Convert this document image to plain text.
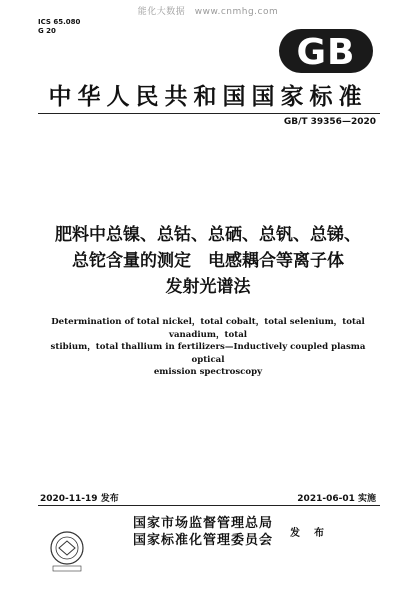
能化大数据　www.cnmhg.com
ICS 65.080
G 20
GB
中华人民共和国国家标准
GB/T 39356—2020
肥料中总镍、总钴、总硒、总钒、总锑、
总铊含量的测定　电感耦合等离子体
发射光谱法
Determination of total nickel，total cobalt，total selenium，total vanadium，total
stibium，total thallium in fertilizers—Inductively coupled plasma optical
emission spectroscopy
2020-11-19 发布	2021-06-01 实施
国家市场监督管理总局
国家标准化管理委员会 发　布
